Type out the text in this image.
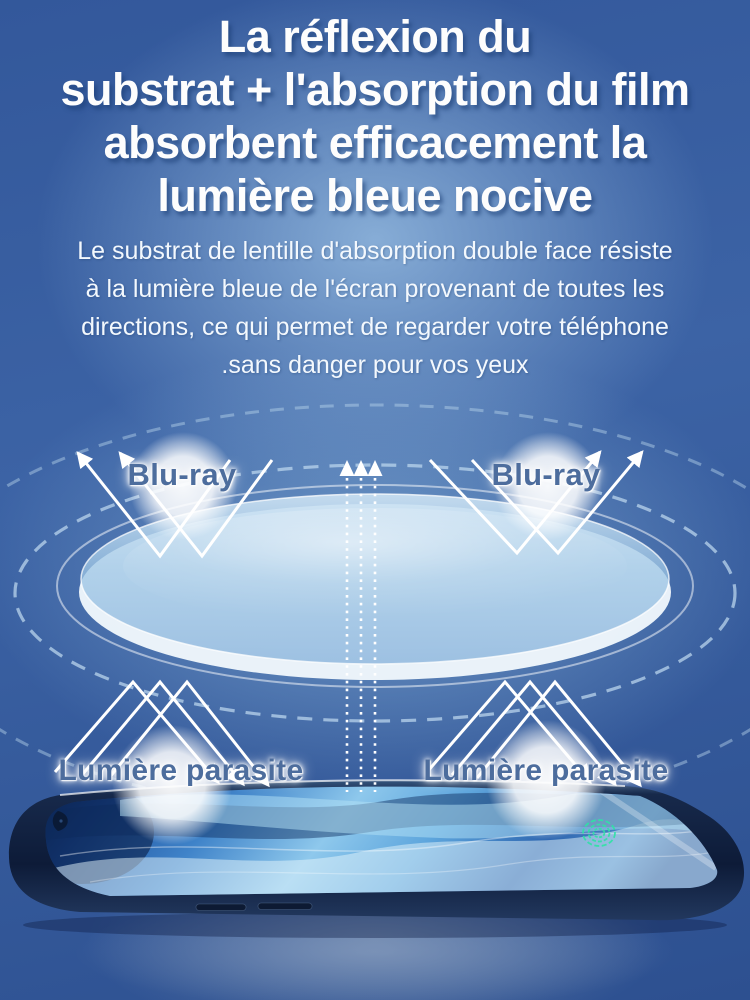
La réflexion du
substrat + l'absorption du film
absorbent efficacement la
lumière bleue nocive
Le substrat de lentille d'absorption double face résiste
à la lumière bleue de l'écran provenant de toutes les
directions, ce qui permet de regarder votre téléphone
.sans danger pour vos yeux
Blu-ray	Blu-ray
Lumière parasite	Lumière parasite
